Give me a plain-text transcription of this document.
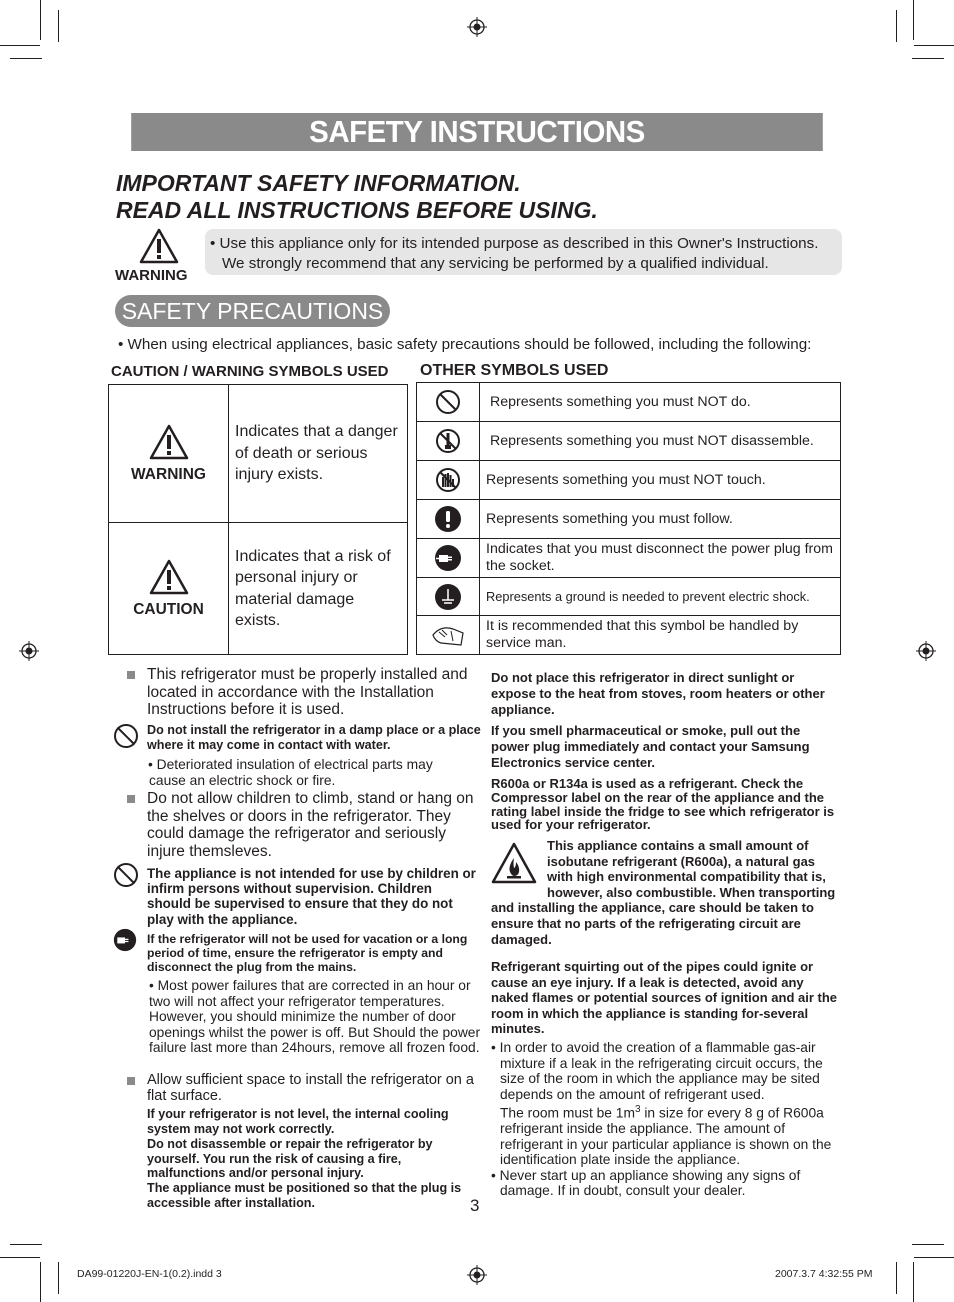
SAFETY INSTRUCTIONS
IMPORTANT SAFETY INFORMATION.
READ ALL INSTRUCTIONS BEFORE USING.
WARNING
• Use this appliance only for its intended purpose as described in this Owner's Instructions.
We strongly recommend that any servicing be performed by a qualified individual.
SAFETY PRECAUTIONS
• When using electrical appliances, basic safety precautions should be followed, including the following:
CAUTION / WARNING SYMBOLS USED OTHER SYMBOLS USED
WARNING	Indicates that a danger of death or serious injury exists.

CAUTION	Indicates that a risk of personal injury or material damage exists.
	Represents something you must NOT do.

	Represents something you must NOT disassemble.

	Represents something you must NOT touch.

	Represents something you must follow.

	Indicates that you must disconnect the power plug from the socket.

	Represents a ground is needed to prevent electric shock.

	It is recommended that this symbol be handled by service man.
This refrigerator must be properly installed and located in accordance with the Installation Instructions before it is used.
Do not install the refrigerator in a damp place or a place where it may come in contact with water.
• Deteriorated insulation of electrical parts may cause an electric shock or fire.
Do not allow children to climb, stand or hang on the shelves or doors in the refrigerator. They could damage the refrigerator and seriously injure themsleves.
The appliance is not intended for use by children or infirm persons without supervision. Children should be supervised to ensure that they do not play with the appliance.
If the refrigerator will not be used for vacation or a long period of time, ensure the refrigerator is empty and disconnect the plug from the mains.
• Most power failures that are corrected in an hour or two will not affect your refrigerator temperatures. However, you should minimize the number of door openings whilst the power is off. But Should the power failure last more than 24hours, remove all frozen food.
Allow sufficient space to install the refrigerator on a flat surface.
If your refrigerator is not level, the internal cooling system may not work correctly.
Do not disassemble or repair the refrigerator by yourself. You run the risk of causing a fire, malfunctions and/or personal injury.
The appliance must be positioned so that the plug is accessible after installation.	3
Do not place this refrigerator in direct sunlight or expose to the heat from stoves, room heaters or other appliance.
If you smell pharmaceutical or smoke, pull out the power plug immediately and contact your Samsung Electronics service center.
R600a or R134a is used as a refrigerant. Check the Compressor label on the rear of the appliance and the rating label inside the fridge to see which refrigerator is used for your refrigerator.
This appliance contains a small amount of isobutane refrigerant (R600a), a natural gas with high environmental compatibility that is, however, also combustible. When transporting and installing the appliance, care should be taken to ensure that no parts of the refrigerating circuit are damaged.
Refrigerant squirting out of the pipes could ignite or cause an eye injury. If a leak is detected, avoid any naked flames or potential sources of ignition and air the room in which the appliance is standing for-several minutes.
• In order to avoid the creation of a flammable gas-air mixture if a leak in the refrigerating circuit occurs, the size of the room in which the appliance may be sited depends on the amount of refrigerant used.
The room must be $1m^3$ in size for every 8 g of R600a refrigerant inside the appliance. The amount of refrigerant in your particular appliance is shown on the identification plate inside the appliance.
• Never start up an appliance showing any signs of damage. If in doubt, consult your dealer.
DA99-01220J-EN-1(0.2).indd 3	2007.3.7 4:32:55 PM
